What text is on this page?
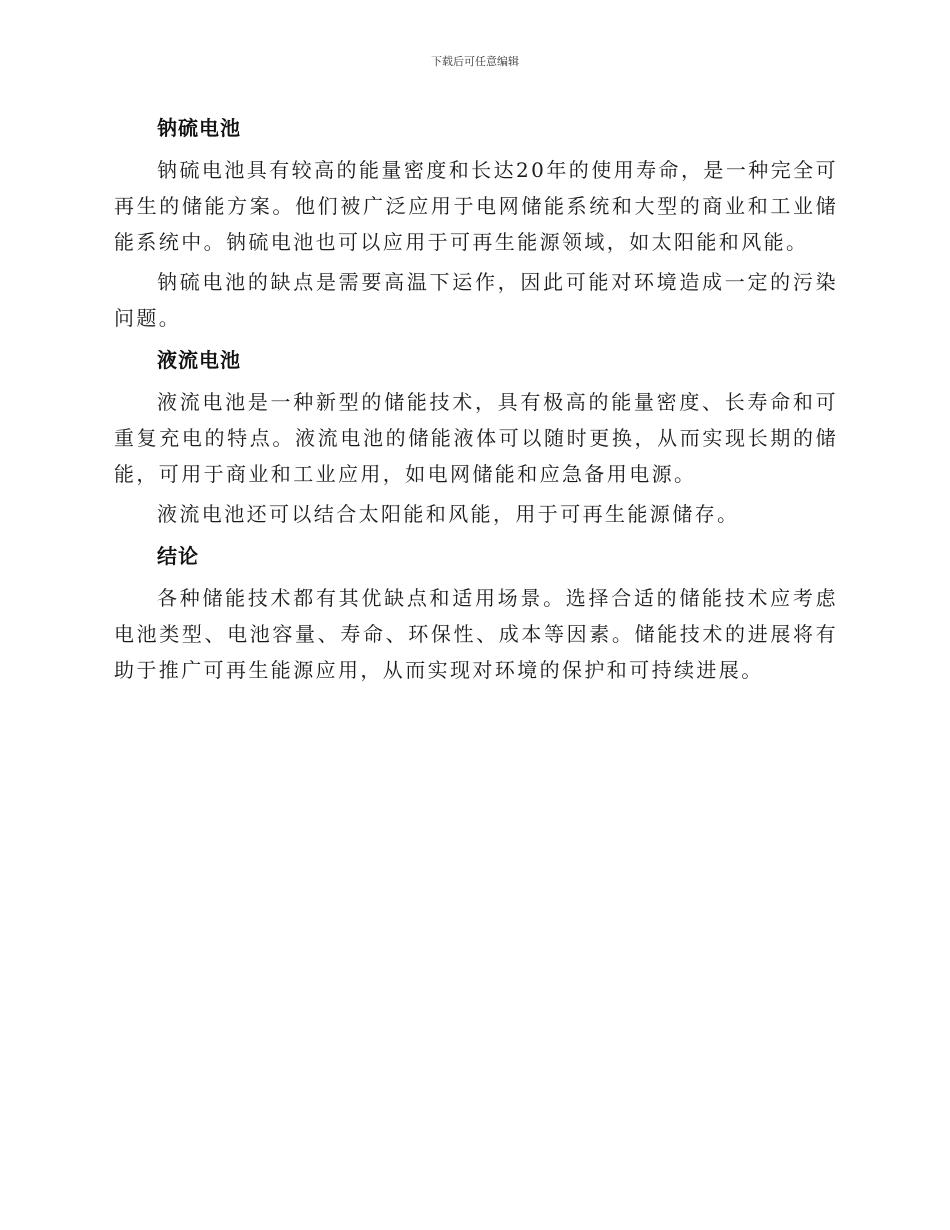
下载后可任意编辑
钠硫电池

钠硫电池具有较高的能量密度和长达20年的使用寿命，是一种完全可再生的储能方案。他们被广泛应用于电网储能系统和大型的商业和工业储能系统中。钠硫电池也可以应用于可再生能源领域，如太阳能和风能。

钠硫电池的缺点是需要高温下运作，因此可能对环境造成一定的污染问题。

液流电池

液流电池是一种新型的储能技术，具有极高的能量密度、长寿命和可重复充电的特点。液流电池的储能液体可以随时更换，从而实现长期的储能，可用于商业和工业应用，如电网储能和应急备用电源。

液流电池还可以结合太阳能和风能，用于可再生能源储存。

结论

各种储能技术都有其优缺点和适用场景。选择合适的储能技术应考虑电池类型、电池容量、寿命、环保性、成本等因素。储能技术的进展将有助于推广可再生能源应用，从而实现对环境的保护和可持续进展。
